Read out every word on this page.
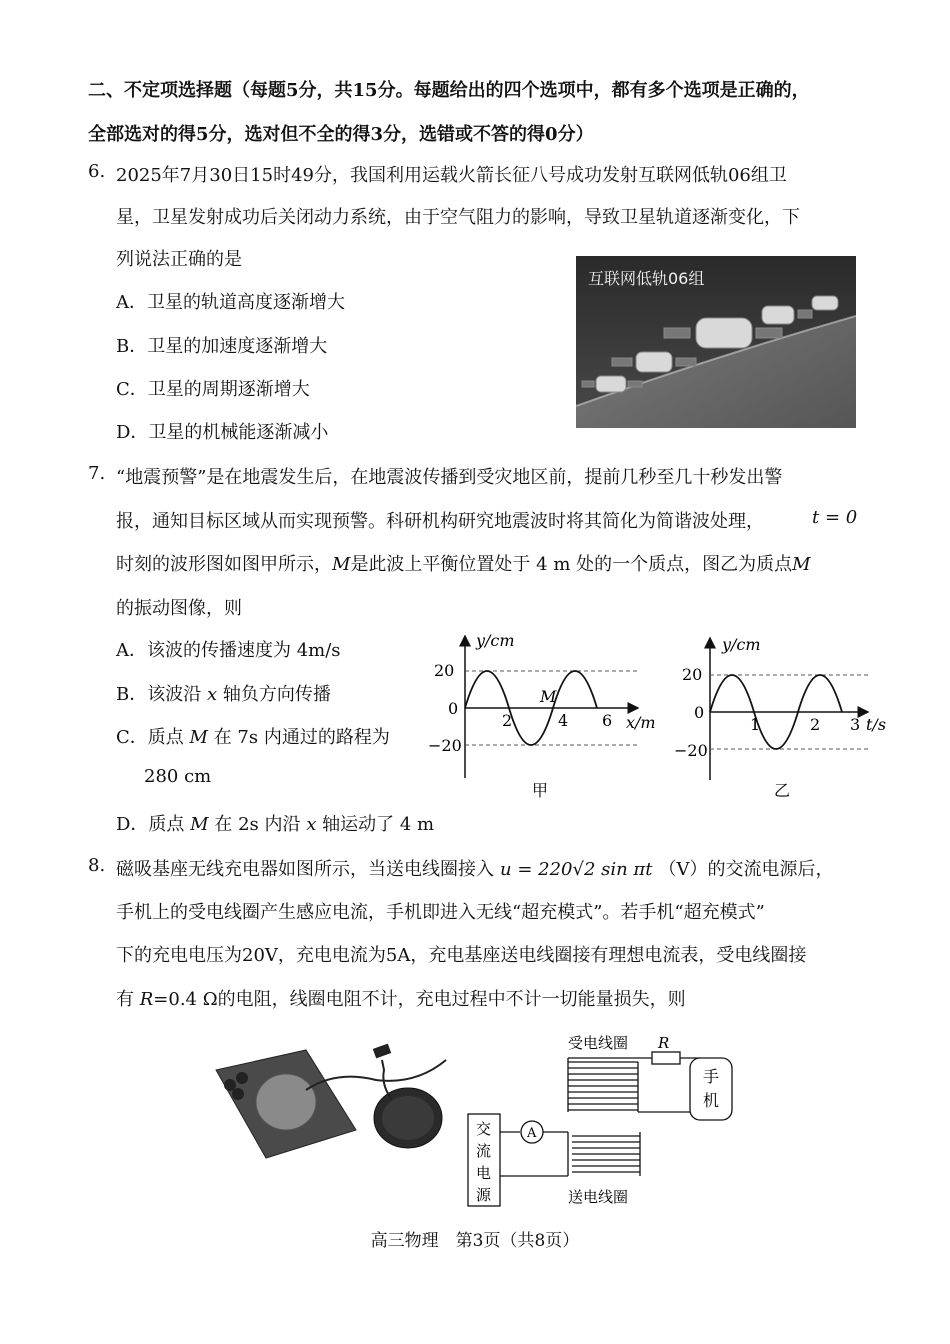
二、不定项选择题（每题5分，共15分。每题给出的四个选项中，都有多个选项是正确的，
全部选对的得5分，选对但不全的得3分，选错或不答的得0分）
6. 2025年7月30日15时49分，我国利用运载火箭长征八号成功发射互联网低轨06组卫
星，卫星发射成功后关闭动力系统，由于空气阻力的影响，导致卫星轨道逐渐变化，下
列说法正确的是
A．卫星的轨道高度逐渐增大
B．卫星的加速度逐渐增大
C．卫星的周期逐渐增大
D．卫星的机械能逐渐减小
互联网低轨06组
7. “地震预警”是在地震发生后，在地震波传播到受灾地区前，提前几秒至几十秒发出警
报，通知目标区域从而实现预警。科研机构研究地震波时将其简化为简谐波处理，	t = 0
时刻的波形图如图甲所示，M是此波上平衡位置处于 4 m 处的一个质点，图乙为质点M
的振动图像，则
A．该波的传播速度为 4m/s
B．该波沿 x 轴负方向传播
C．质点 M 在 7s 内通过的路程为
280 cm
D．质点 M 在 2s 内沿 x 轴运动了 4 m
y/cm
20
−20
0
2	4 6
M
x/m
甲
y/cm
20
−20
0
1	2 3 t/s
乙
8. 磁吸基座无线充电器如图所示，当送电线圈接入 u = 220√2 sin πt （V）的交流电源后，
手机上的受电线圈产生感应电流，手机即进入无线“超充模式”。若手机“超充模式”
下的充电电压为20V，充电电流为5A，充电基座送电线圈接有理想电流表，受电线圈接
有 R=0.4 Ω的电阻，线圈电阻不计，充电过程中不计一切能量损失，则
受电线圈 R
手
机
A
交
流
电
源	送电线圈
高三物理　第3页（共8页）
